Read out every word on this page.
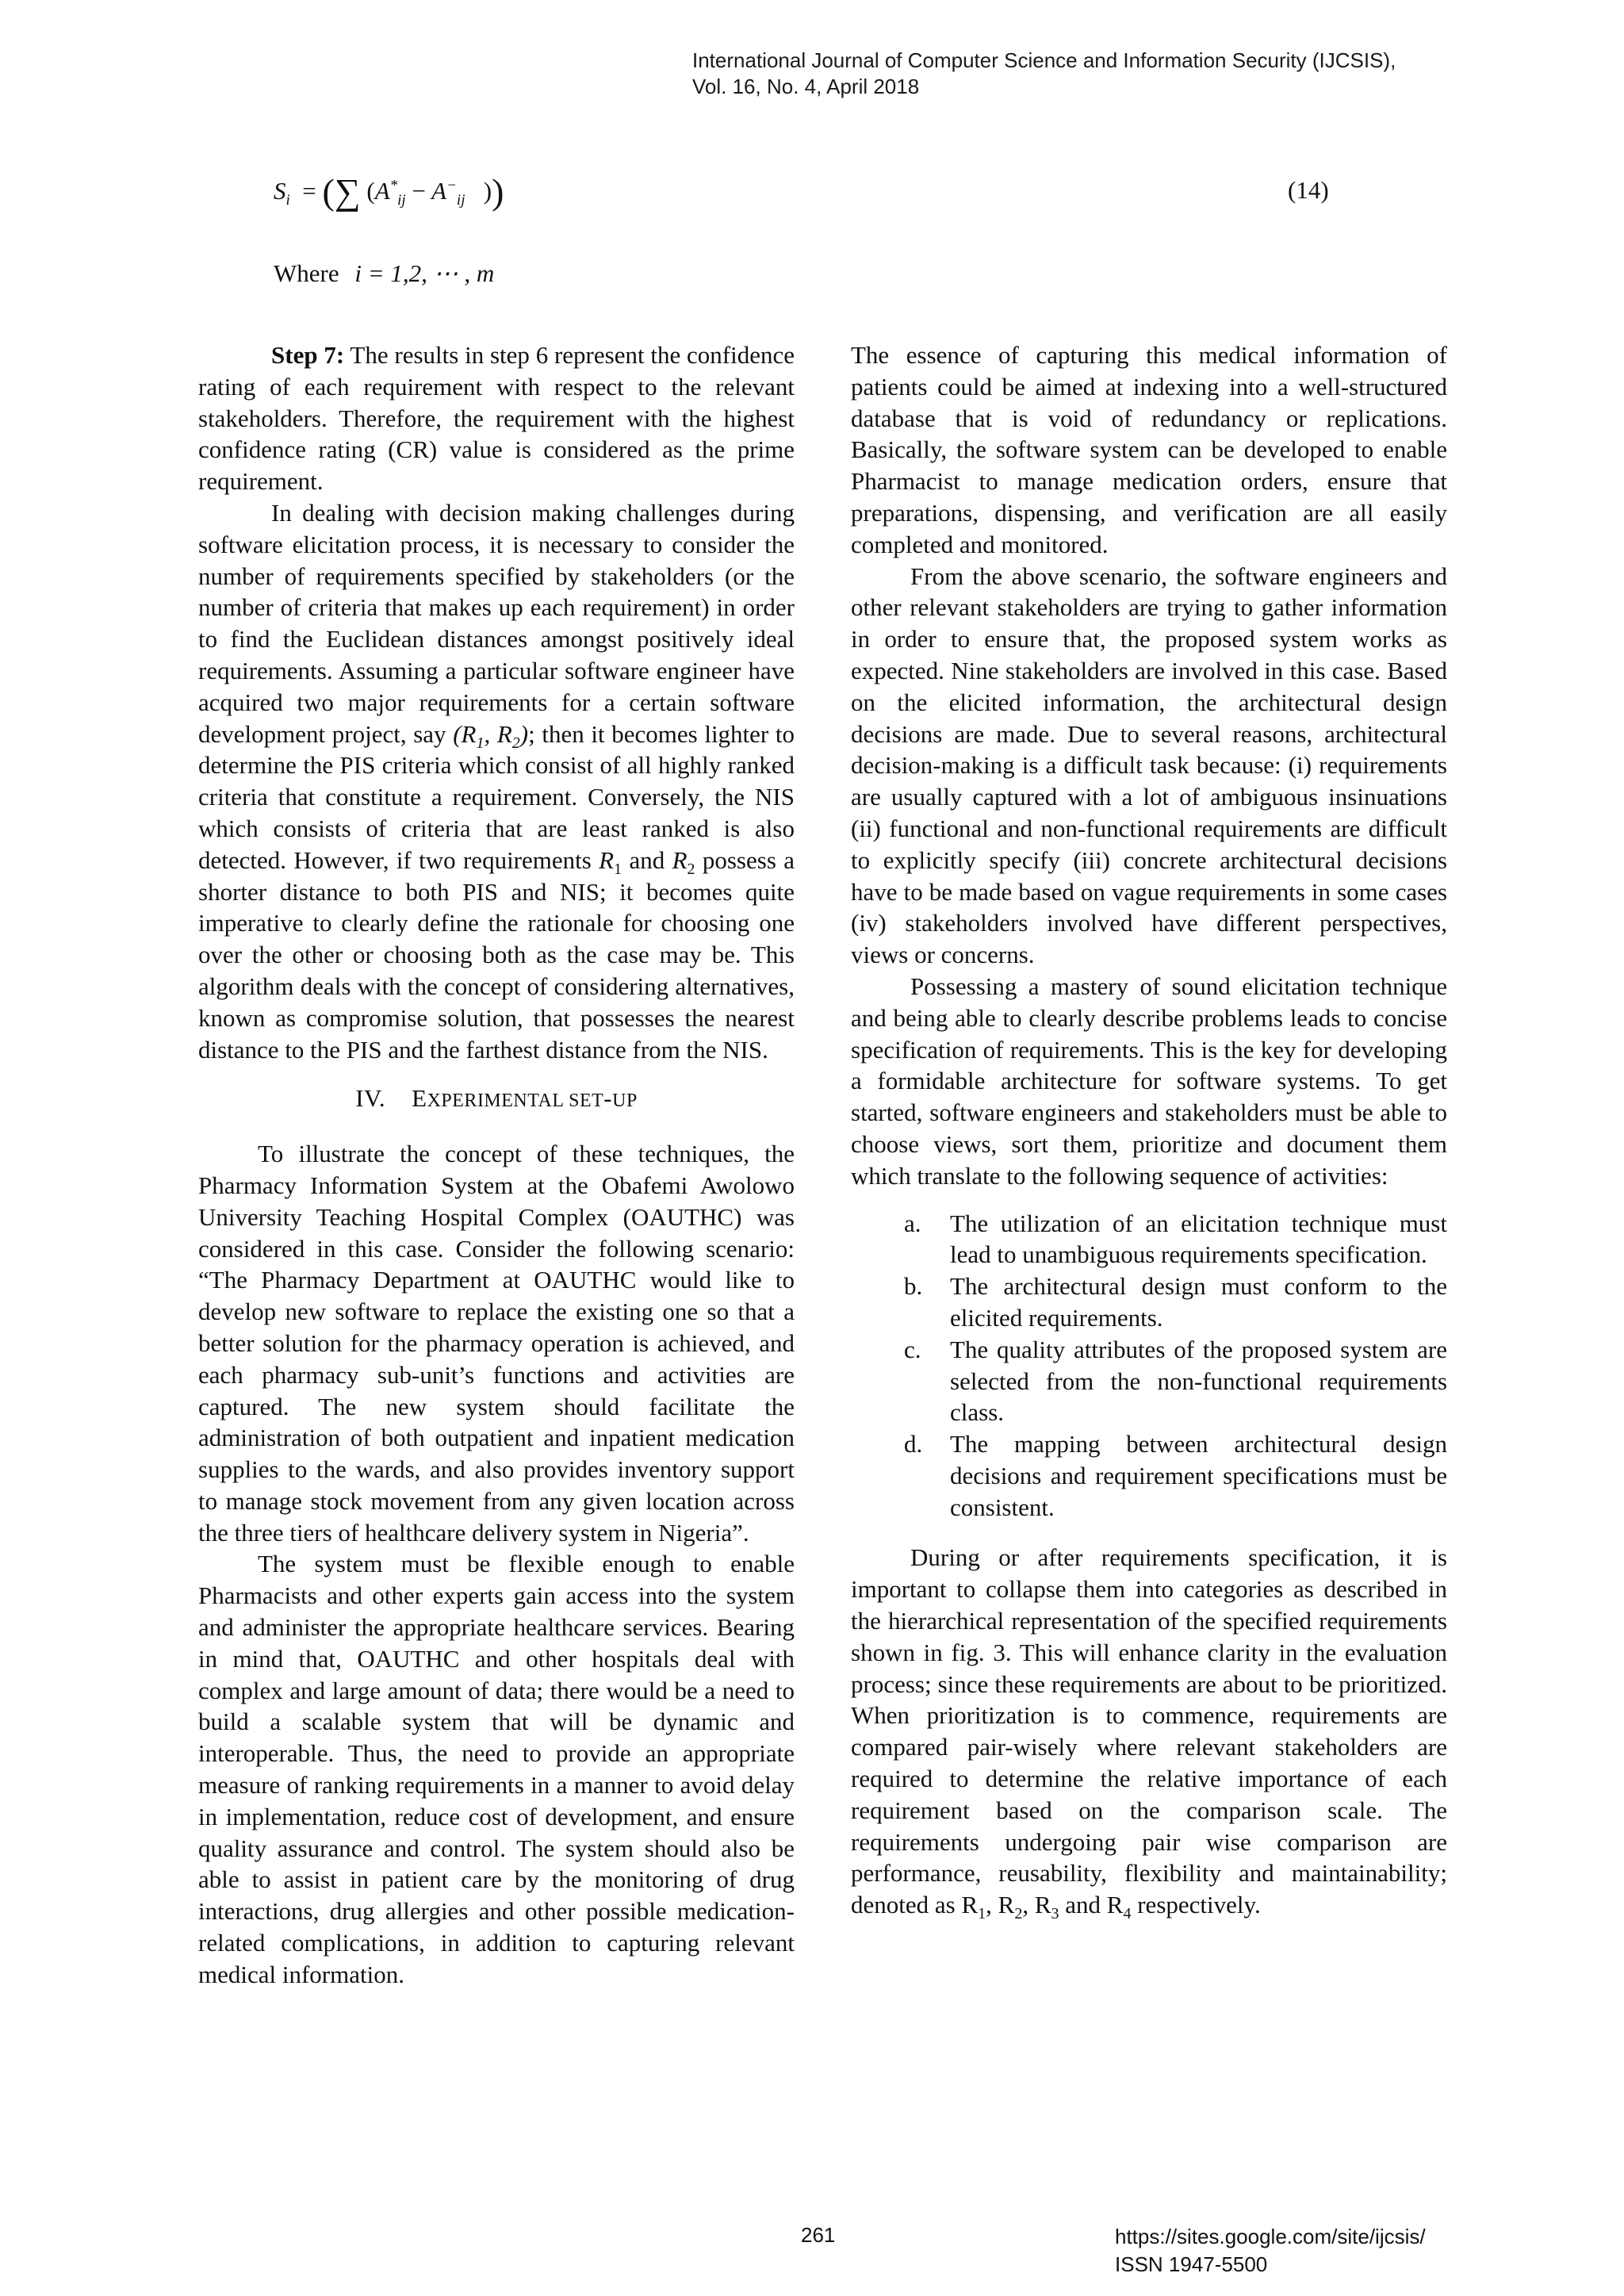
International Journal of Computer Science and Information Security (IJCSIS),
Vol. 16, No. 4, April 2018
$S_i$ = (∑ ($A^*_{ij} - A^-_{ij}$ ))	(14)
Where i = 1,2, ⋯ , m

Step 7: The results in step 6 represent the confidence rating of each requirement with respect to the relevant stakeholders. Therefore, the requirement with the highest confidence rating (CR) value is considered as the prime requirement.

In dealing with decision making challenges during software elicitation process, it is necessary to consider the number of requirements specified by stakeholders (or the number of criteria that makes up each requirement) in order to find the Euclidean distances amongst positively ideal requirements. Assuming a particular software engineer have acquired two major requirements for a certain software development project, say ($R_1$, $R_2$); then it becomes lighter to determine the PIS criteria which consist of all highly ranked criteria that constitute a requirement. Conversely, the NIS which consists of criteria that are least ranked is also detected. However, if two requirements $R_1$ and $R_2$ possess a shorter distance to both PIS and NIS; it becomes quite imperative to clearly define the rationale for choosing one over the other or choosing both as the case may be. This algorithm deals with the concept of considering alternatives, known as compromise solution, that possesses the nearest distance to the PIS and the farthest distance from the NIS.

IV. EXPERIMENTAL SET-UP

To illustrate the concept of these techniques, the Pharmacy Information System at the Obafemi Awolowo University Teaching Hospital Complex (OAUTHC) was considered in this case. Consider the following scenario: “The Pharmacy Department at OAUTHC would like to develop new software to replace the existing one so that a better solution for the pharmacy operation is achieved, and each pharmacy sub-unit’s functions and activities are captured. The new system should facilitate the administration of both outpatient and inpatient medication supplies to the wards, and also provides inventory support to manage stock movement from any given location across the three tiers of healthcare delivery system in Nigeria”.

The system must be flexible enough to enable Pharmacists and other experts gain access into the system and administer the appropriate healthcare services. Bearing in mind that, OAUTHC and other hospitals deal with complex and large amount of data; there would be a need to build a scalable system that will be dynamic and interoperable. Thus, the need to provide an appropriate measure of ranking requirements in a manner to avoid delay in implementation, reduce cost of development, and ensure quality assurance and control. The system should also be able to assist in patient care by the monitoring of drug interactions, drug allergies and other possible medication-related complications, in addition to capturing relevant medical information.

The essence of capturing this medical information of patients could be aimed at indexing into a well-structured database that is void of redundancy or replications. Basically, the software system can be developed to enable Pharmacist to manage medication orders, ensure that preparations, dispensing, and verification are all easily completed and monitored.

From the above scenario, the software engineers and other relevant stakeholders are trying to gather information in order to ensure that, the proposed system works as expected. Nine stakeholders are involved in this case. Based on the elicited information, the architectural design decisions are made. Due to several reasons, architectural decision-making is a difficult task because: (i) requirements are usually captured with a lot of ambiguous insinuations (ii) functional and non-functional requirements are difficult to explicitly specify (iii) concrete architectural decisions have to be made based on vague requirements in some cases (iv) stakeholders involved have different perspectives, views or concerns.

Possessing a mastery of sound elicitation technique and being able to clearly describe problems leads to concise specification of requirements. This is the key for developing a formidable architecture for software systems. To get started, software engineers and stakeholders must be able to choose views, sort them, prioritize and document them which translate to the following sequence of activities:

a. The utilization of an elicitation technique must lead to unambiguous requirements specification.
b. The architectural design must conform to the elicited requirements.
c. The quality attributes of the proposed system are selected from the non-functional requirements class.
d. The mapping between architectural design decisions and requirement specifications must be consistent.

During or after requirements specification, it is important to collapse them into categories as described in the hierarchical representation of the specified requirements shown in fig. 3. This will enhance clarity in the evaluation process; since these requirements are about to be prioritized. When prioritization is to commence, requirements are compared pair-wisely where relevant stakeholders are required to determine the relative importance of each requirement based on the comparison scale. The requirements undergoing pair wise comparison are performance, reusability, flexibility and maintainability; denoted as $R_1$, $R_2$, $R_3$ and $R_4$ respectively.

261	https://sites.google.com/site/ijcsis/
ISSN 1947-5500
